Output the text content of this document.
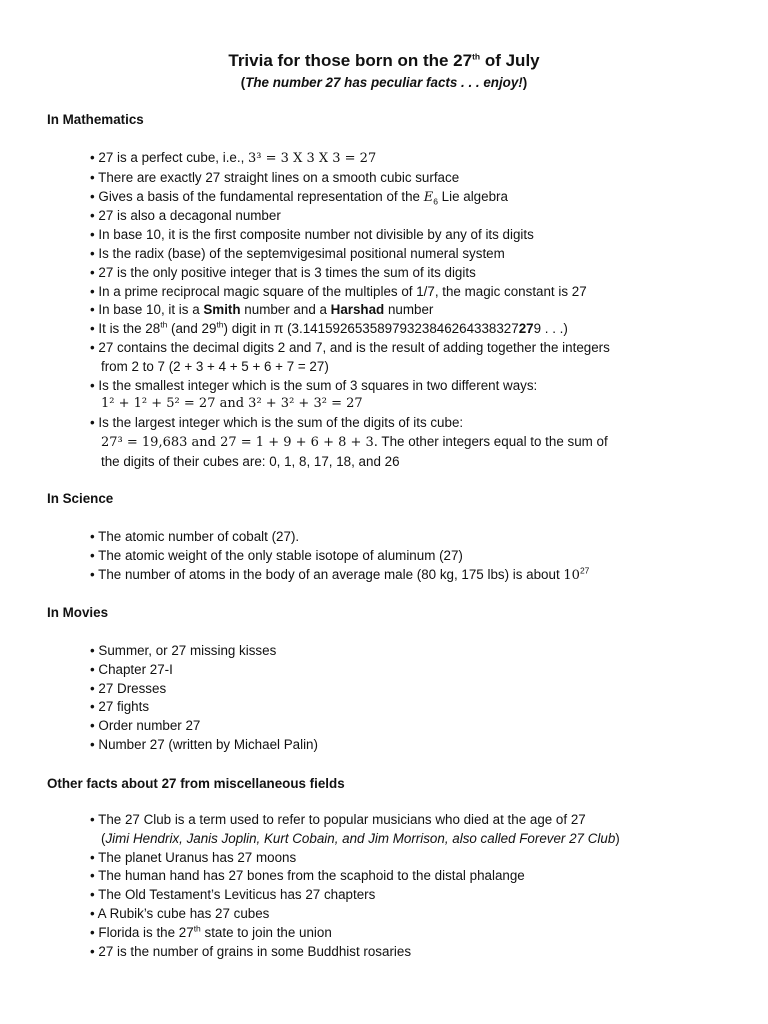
Trivia for those born on the 27th of July
(The number 27 has peculiar facts . . . enjoy!)
In Mathematics
• 27 is a perfect cube, i.e., 3³ = 3 X 3 X 3 = 27
• There are exactly 27 straight lines on a smooth cubic surface
• Gives a basis of the fundamental representation of the $E_6$ Lie algebra
• 27 is also a decagonal number
• In base 10, it is the first composite number not divisible by any of its digits
• Is the radix (base) of the septemvigesimal positional numeral system
• 27 is the only positive integer that is 3 times the sum of its digits
• In a prime reciprocal magic square of the multiples of 1/7, the magic constant is 27
• In base 10, it is a Smith number and a Harshad number
• It is the 28th (and 29th) digit in π (3.14159265358979323846264338327279 . . .)
• 27 contains the decimal digits 2 and 7, and is the result of adding together the integers
from 2 to 7 (2 + 3 + 4 + 5 + 6 + 7 = 27)
• Is the smallest integer which is the sum of 3 squares in two different ways:
1² + 1² + 5² = 27 and 3² + 3² + 3² = 27
• Is the largest integer which is the sum of the digits of its cube:
27³ = 19,683 and 27 = 1 + 9 + 6 + 8 + 3. The other integers equal to the sum of
the digits of their cubes are: 0, 1, 8, 17, 18, and 26
In Science
• The atomic number of cobalt (27).
• The atomic weight of the only stable isotope of aluminum (27)
• The number of atoms in the body of an average male (80 kg, 175 lbs) is about $10^{27}$
In Movies
• Summer, or 27 missing kisses
• Chapter 27-I
• 27 Dresses
• 27 fights
• Order number 27
• Number 27 (written by Michael Palin)
Other facts about 27 from miscellaneous fields
• The 27 Club is a term used to refer to popular musicians who died at the age of 27
(Jimi Hendrix, Janis Joplin, Kurt Cobain, and Jim Morrison, also called Forever 27 Club)
• The planet Uranus has 27 moons
• The human hand has 27 bones from the scaphoid to the distal phalange
• The Old Testament’s Leviticus has 27 chapters
• A Rubik’s cube has 27 cubes
• Florida is the 27th state to join the union
• 27 is the number of grains in some Buddhist rosaries
